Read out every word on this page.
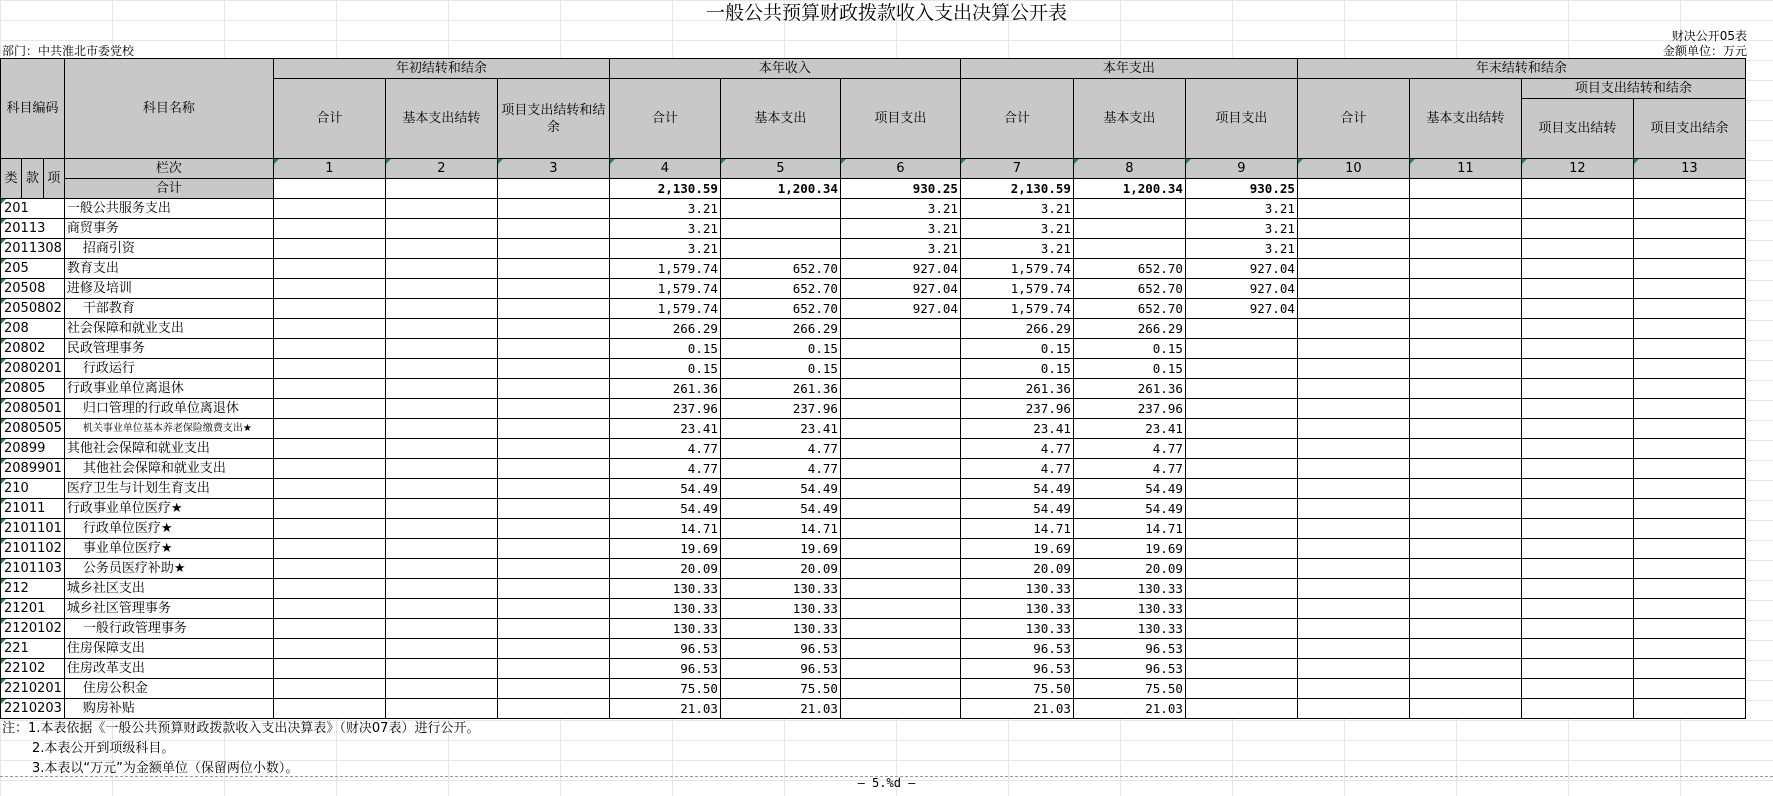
一般公共预算财政拨款收入支出决算公开表
财决公开05表
金额单位：万元
部门：中共淮北市委党校
科目编码			科目名称	年初结转和结余			本年收入			本年支出			年末结转和结余			
				合计	基本支出结转	项目支出结转和结余	合计	基本支出	项目支出	合计	基本支出	项目支出	合计	基本支出结转	项目支出结转和结余	
															项目支出结转	项目支出结余
类	款	项	栏次	1	2	3	4	5	6	7	8	9	10	11	12	13
			合计				2,130.59	1,200.34	930.25	2,130.59	1,200.34	930.25				
201			一般公共服务支出				3.21		3.21	3.21		3.21				
20113			商贸事务				3.21		3.21	3.21		3.21				
2011308			招商引资				3.21		3.21	3.21		3.21				
205			教育支出				1,579.74	652.70	927.04	1,579.74	652.70	927.04				
20508			进修及培训				1,579.74	652.70	927.04	1,579.74	652.70	927.04				
2050802			干部教育				1,579.74	652.70	927.04	1,579.74	652.70	927.04				
208			社会保障和就业支出				266.29	266.29		266.29	266.29					
20802			民政管理事务				0.15	0.15		0.15	0.15					
2080201			行政运行				0.15	0.15		0.15	0.15					
20805			行政事业单位离退休				261.36	261.36		261.36	261.36					
2080501			归口管理的行政单位离退休				237.96	237.96		237.96	237.96					
2080505			机关事业单位基本养老保险缴费支出★				23.41	23.41		23.41	23.41					
20899			其他社会保障和就业支出				4.77	4.77		4.77	4.77					
2089901			其他社会保障和就业支出				4.77	4.77		4.77	4.77					
210			医疗卫生与计划生育支出				54.49	54.49		54.49	54.49					
21011			行政事业单位医疗★				54.49	54.49		54.49	54.49					
2101101			行政单位医疗★				14.71	14.71		14.71	14.71					
2101102			事业单位医疗★				19.69	19.69		19.69	19.69					
2101103			公务员医疗补助★				20.09	20.09		20.09	20.09					
212			城乡社区支出				130.33	130.33		130.33	130.33					
21201			城乡社区管理事务				130.33	130.33		130.33	130.33					
2120102			一般行政管理事务				130.33	130.33		130.33	130.33					
221			住房保障支出				96.53	96.53		96.53	96.53					
22102			住房改革支出				96.53	96.53		96.53	96.53					
2210201			住房公积金				75.50	75.50		75.50	75.50					
2210203			购房补贴				21.03	21.03		21.03	21.03					
注：1.本表依据《一般公共预算财政拨款收入支出决算表》（财决07表）进行公开。
2.本表公开到项级科目。
3.本表以“万元”为金额单位（保留两位小数）。
— 5.%d —
